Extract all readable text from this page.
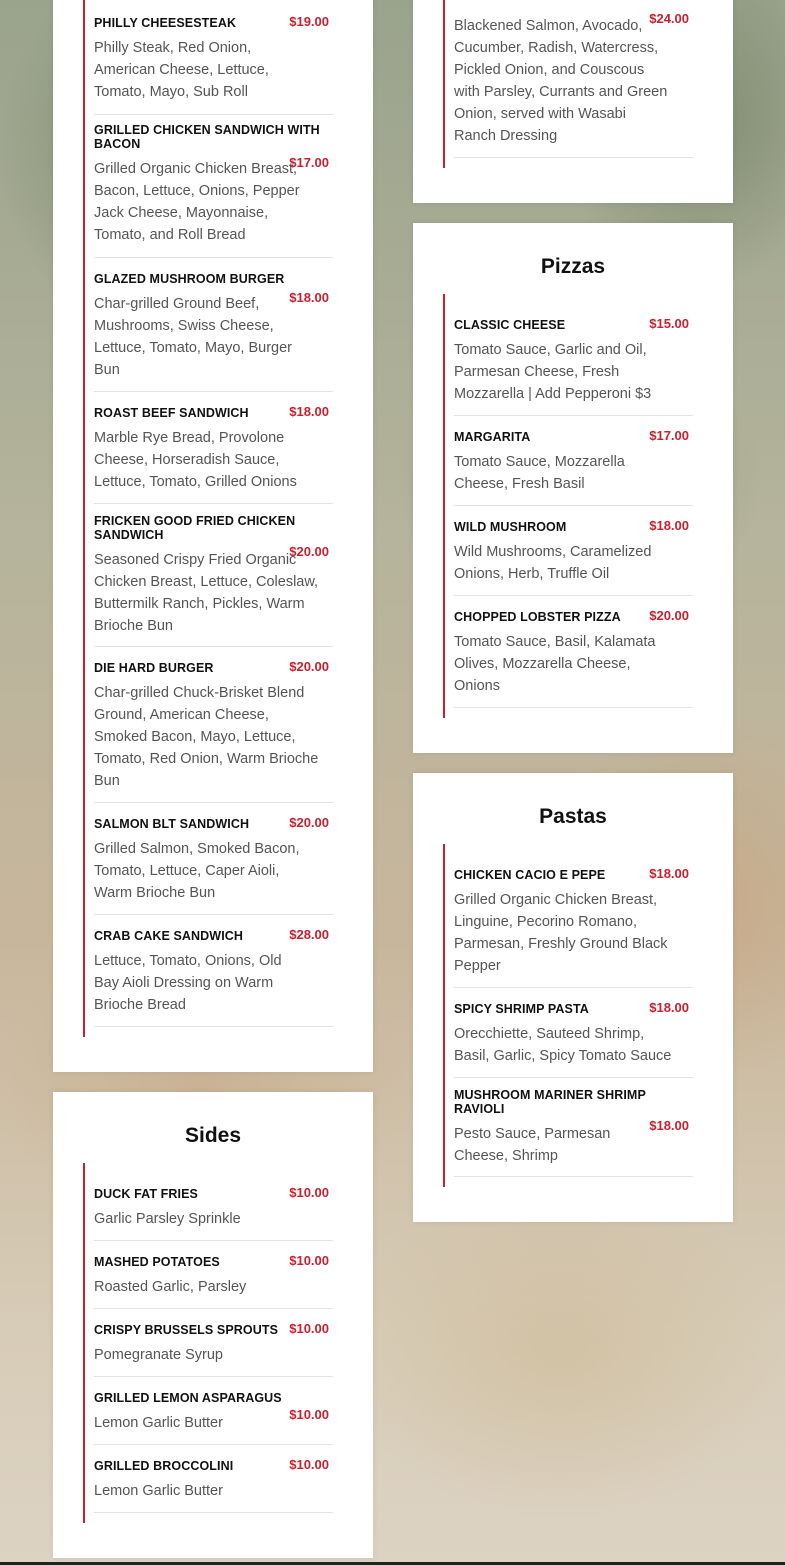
PHILLY CHEESESTEAK	$19.00
Philly Steak, Red Onion, American Cheese, Lettuce, Tomato, Mayo, Sub Roll
GRILLED CHICKEN SANDWICH WITH BACON
$17.00
Grilled Organic Chicken Breast, Bacon, Lettuce, Onions, Pepper Jack Cheese, Mayonnaise, Tomato, and Roll Bread
GLAZED MUSHROOM BURGER
$18.00
Char-grilled Ground Beef, Mushrooms, Swiss Cheese, Lettuce, Tomato, Mayo, Burger Bun
ROAST BEEF SANDWICH	$18.00
Marble Rye Bread, Provolone Cheese, Horseradish Sauce, Lettuce, Tomato, Grilled Onions
FRICKEN GOOD FRIED CHICKEN SANDWICH
$20.00
Seasoned Crispy Fried Organic Chicken Breast, Lettuce, Coleslaw, Buttermilk Ranch, Pickles, Warm Brioche Bun
DIE HARD BURGER	$20.00
Char-grilled Chuck-Brisket Blend Ground, American Cheese, Smoked Bacon, Mayo, Lettuce, Tomato, Red Onion, Warm Brioche Bun
SALMON BLT SANDWICH	$20.00
Grilled Salmon, Smoked Bacon, Tomato, Lettuce, Caper Aioli, Warm Brioche Bun
CRAB CAKE SANDWICH	$28.00
Lettuce, Tomato, Onions, Old Bay Aioli Dressing on Warm Brioche Bread
$24.00
Blackened Salmon, Avocado, Cucumber, Radish, Watercress, Pickled Onion, and Couscous with Parsley, Currants and Green Onion, served with Wasabi Ranch Dressing
Pizzas
CLASSIC CHEESE	$15.00
Tomato Sauce, Garlic and Oil, Parmesan Cheese, Fresh Mozzarella | Add Pepperoni $3
MARGARITA	$17.00
Tomato Sauce, Mozzarella Cheese, Fresh Basil
WILD MUSHROOM	$18.00
Wild Mushrooms, Caramelized Onions, Herb, Truffle Oil
CHOPPED LOBSTER PIZZA	$20.00
Tomato Sauce, Basil, Kalamata Olives, Mozzarella Cheese, Onions
Pastas
CHICKEN CACIO E PEPE	$18.00
Grilled Organic Chicken Breast, Linguine, Pecorino Romano, Parmesan, Freshly Ground Black Pepper
SPICY SHRIMP PASTA	$18.00
Orecchiette, Sauteed Shrimp, Basil, Garlic, Spicy Tomato Sauce
MUSHROOM MARINER SHRIMP RAVIOLI
$18.00
Pesto Sauce, Parmesan Cheese, Shrimp
Sides
DUCK FAT FRIES	$10.00
Garlic Parsley Sprinkle
MASHED POTATOES	$10.00
Roasted Garlic, Parsley
CRISPY BRUSSELS SPROUTS $10.00
Pomegranate Syrup
GRILLED LEMON ASPARAGUS
$10.00
Lemon Garlic Butter
GRILLED BROCCOLINI	$10.00
Lemon Garlic Butter
